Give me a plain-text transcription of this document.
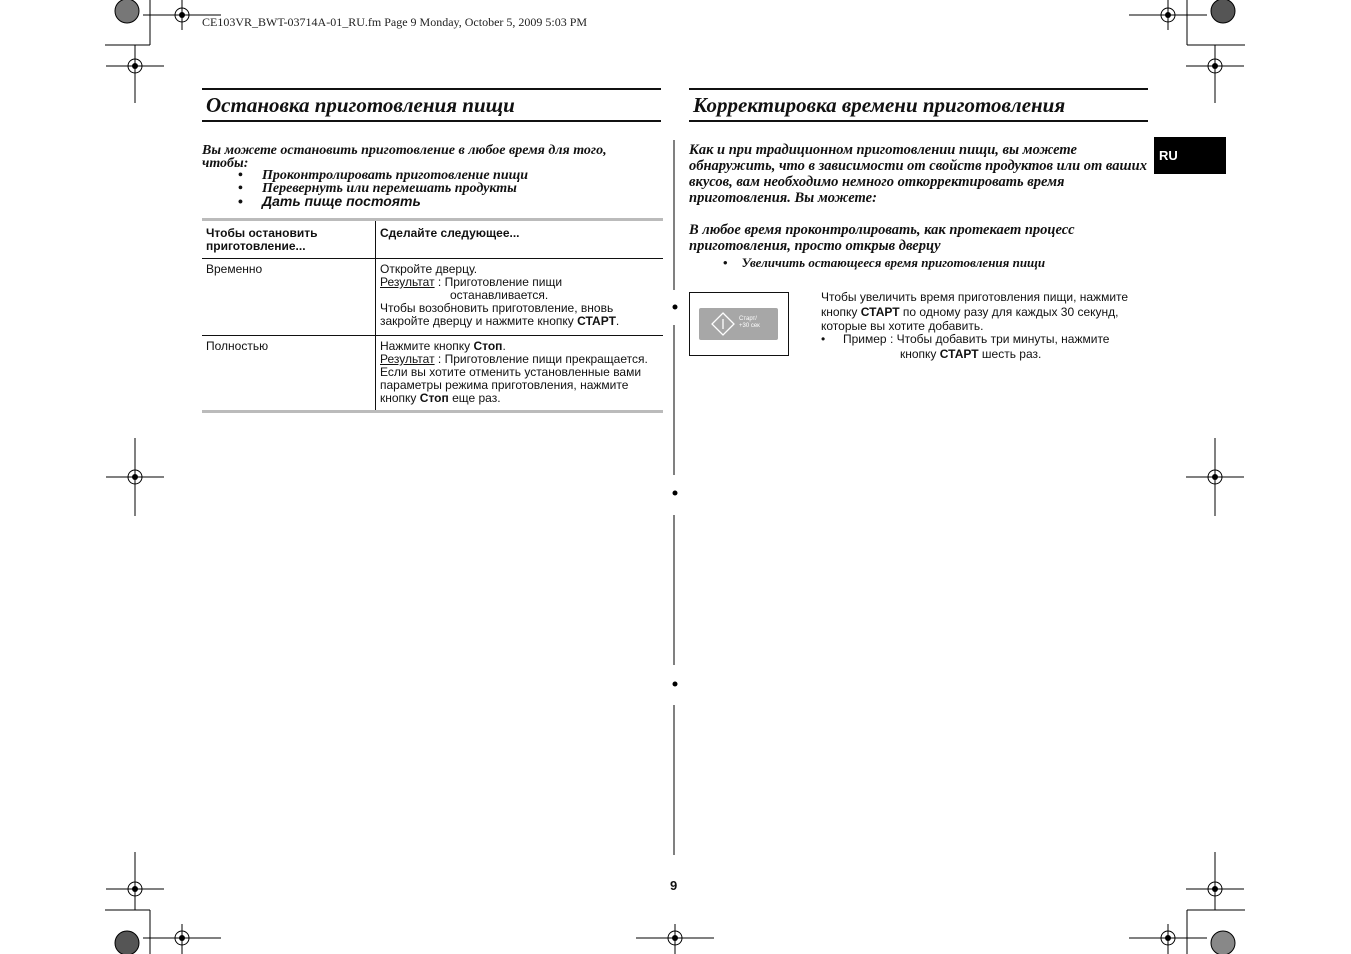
CE103VR_BWT-03714A-01_RU.fm Page 9 Monday, October 5, 2009 5:03 PM
Остановка приготовления пищи
Вы можете остановить приготовление в любое время для того, чтобы:
• Проконтролировать приготовление пищи
• Перевернуть или перемешать продукты
• Дать пище постоять
Чтобы остановить приготовление...
Сделайте следующее...
Временно	Откройте дверцу.
Результат : Приготовление пищи
останавливается.
Чтобы возобновить приготовление, вновь закройте дверцу и нажмите кнопку СТАРТ.
Полностью	Нажмите кнопку Стоп.
Результат : Приготовление пищи прекращается.
Если вы хотите отменить установленные вами параметры режима приготовления, нажмите кнопку Стоп еще раз.
Корректировка времени приготовления
RU
Как и при традиционном приготовлении пищи, вы можете обнаружить, что в зависимости от свойств продуктов или от ваших вкусов, вам необходимо немного откорректировать время приготовления. Вы можете:
В любое время проконтролировать, как протекает процесс приготовления, просто открыв дверцу
• Увеличить остающееся время приготовления пищи
Старт/
+30 сек
Чтобы увеличить время приготовления пищи, нажмите кнопку СТАРТ по одному разу для каждых 30 секунд, которые вы хотите добавить.
• Пример : Чтобы добавить три минуты, нажмите
кнопку СТАРТ шесть раз.
9
